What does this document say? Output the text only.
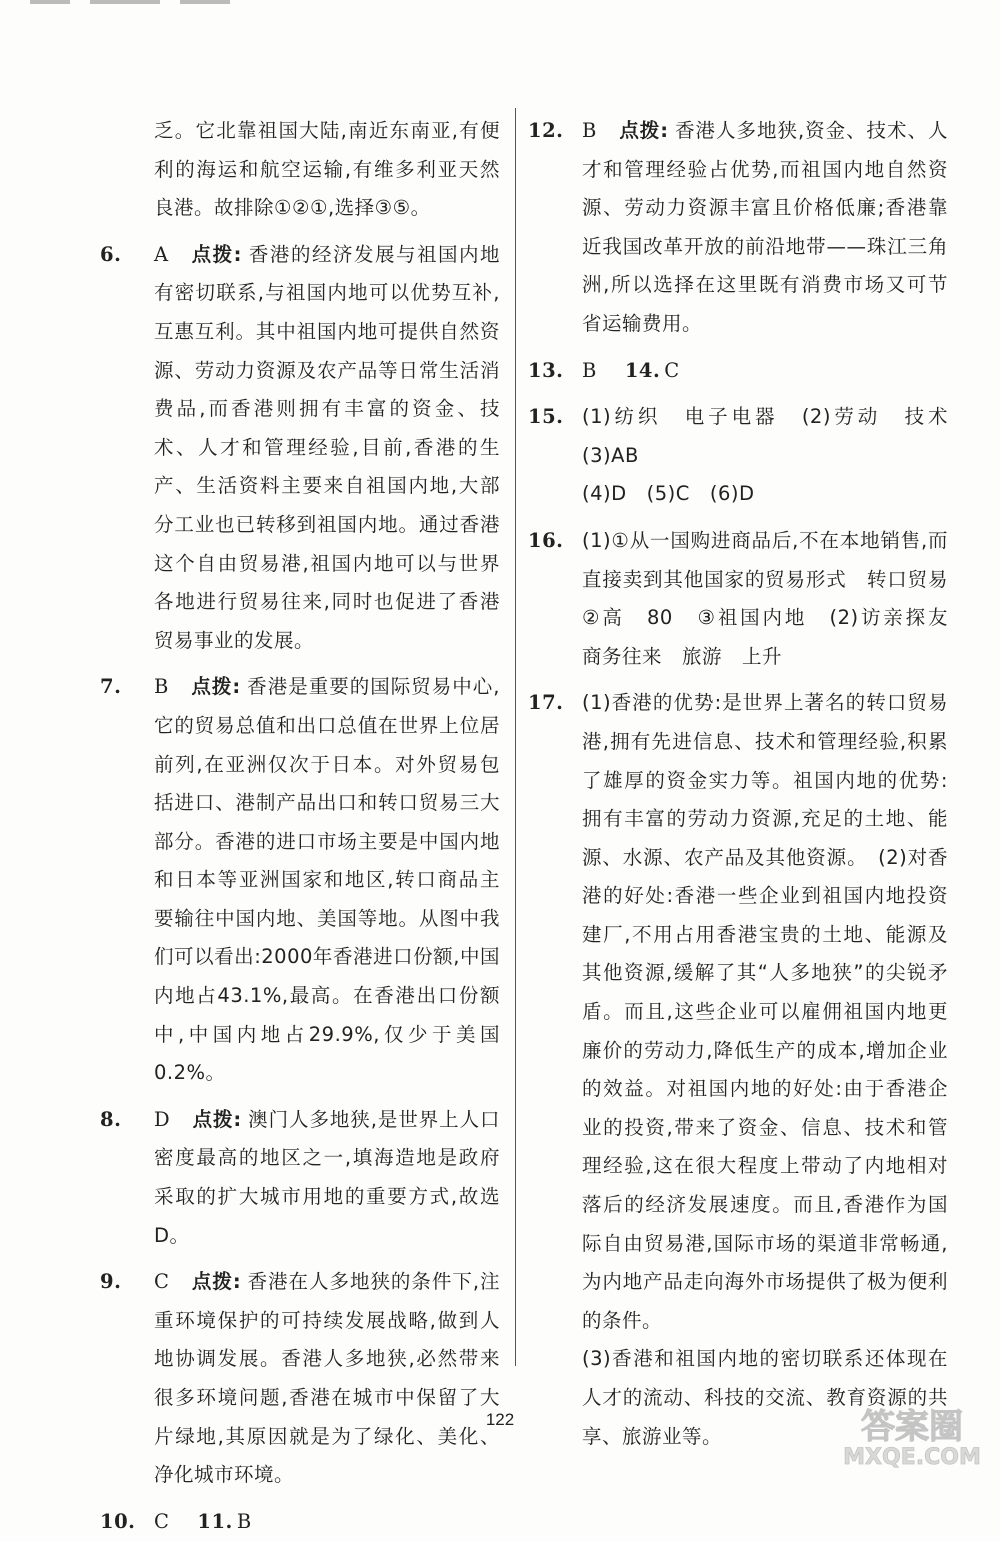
乏。它北靠祖国大陆,南近东南亚,有便利的海运和航空运输,有维多利亚天然良港。故排除①②①,选择③⑤。
6. A 点拨: 香港的经济发展与祖国内地有密切联系,与祖国内地可以优势互补,互惠互利。其中祖国内地可提供自然资源、劳动力资源及农产品等日常生活消费品,而香港则拥有丰富的资金、技术、人才和管理经验,目前,香港的生产、生活资料主要来自祖国内地,大部分工业也已转移到祖国内地。通过香港这个自由贸易港,祖国内地可以与世界各地进行贸易往来,同时也促进了香港贸易事业的发展。
7. B 点拨: 香港是重要的国际贸易中心,它的贸易总值和出口总值在世界上位居前列,在亚洲仅次于日本。对外贸易包括进口、港制产品出口和转口贸易三大部分。香港的进口市场主要是中国内地和日本等亚洲国家和地区,转口商品主要输往中国内地、美国等地。从图中我们可以看出:2000年香港进口份额,中国内地占43.1%,最高。在香港出口份额中,中国内地占29.9%,仅少于美国0.2%。
8. D 点拨: 澳门人多地狭,是世界上人口密度最高的地区之一,填海造地是政府采取的扩大城市用地的重要方式,故选D。
9. C 点拨: 香港在人多地狭的条件下,注重环境保护的可持续发展战略,做到人地协调发展。香港人多地狭,必然带来很多环境问题,香港在城市中保留了大片绿地,其原因就是为了绿化、美化、净化城市环境。
10. C 11. B
12. B 点拨: 香港人多地狭,资金、技术、人才和管理经验占优势,而祖国内地自然资源、劳动力资源丰富且价格低廉;香港靠近我国改革开放的前沿地带——珠江三角洲,所以选择在这里既有消费市场又可节省运输费用。
13. B 14. C
15. (1)纺织　电子电器　(2)劳动　技术　(3)AB
(4)D　(5)C　(6)D
16. (1)①从一国购进商品后,不在本地销售,而直接卖到其他国家的贸易形式　转口贸易　②高　80　③祖国内地　(2)访亲探友　商务往来　旅游　上升
17. (1)香港的优势:是世界上著名的转口贸易港,拥有先进信息、技术和管理经验,积累了雄厚的资金实力等。祖国内地的优势:拥有丰富的劳动力资源,充足的土地、能源、水源、农产品及其他资源。　(2)对香港的好处:香港一些企业到祖国内地投资建厂,不用占用香港宝贵的土地、能源及其他资源,缓解了其“人多地狭”的尖锐矛盾。而且,这些企业可以雇佣祖国内地更廉价的劳动力,降低生产的成本,增加企业的效益。对祖国内地的好处:由于香港企业的投资,带来了资金、信息、技术和管理经验,这在很大程度上带动了内地相对落后的经济发展速度。而且,香港作为国际自由贸易港,国际市场的渠道非常畅通,为内地产品走向海外市场提供了极为便利的条件。
(3)香港和祖国内地的密切联系还体现在人才的流动、科技的交流、教育资源的共享、旅游业等。
122	答案圈
MXQE.COM
